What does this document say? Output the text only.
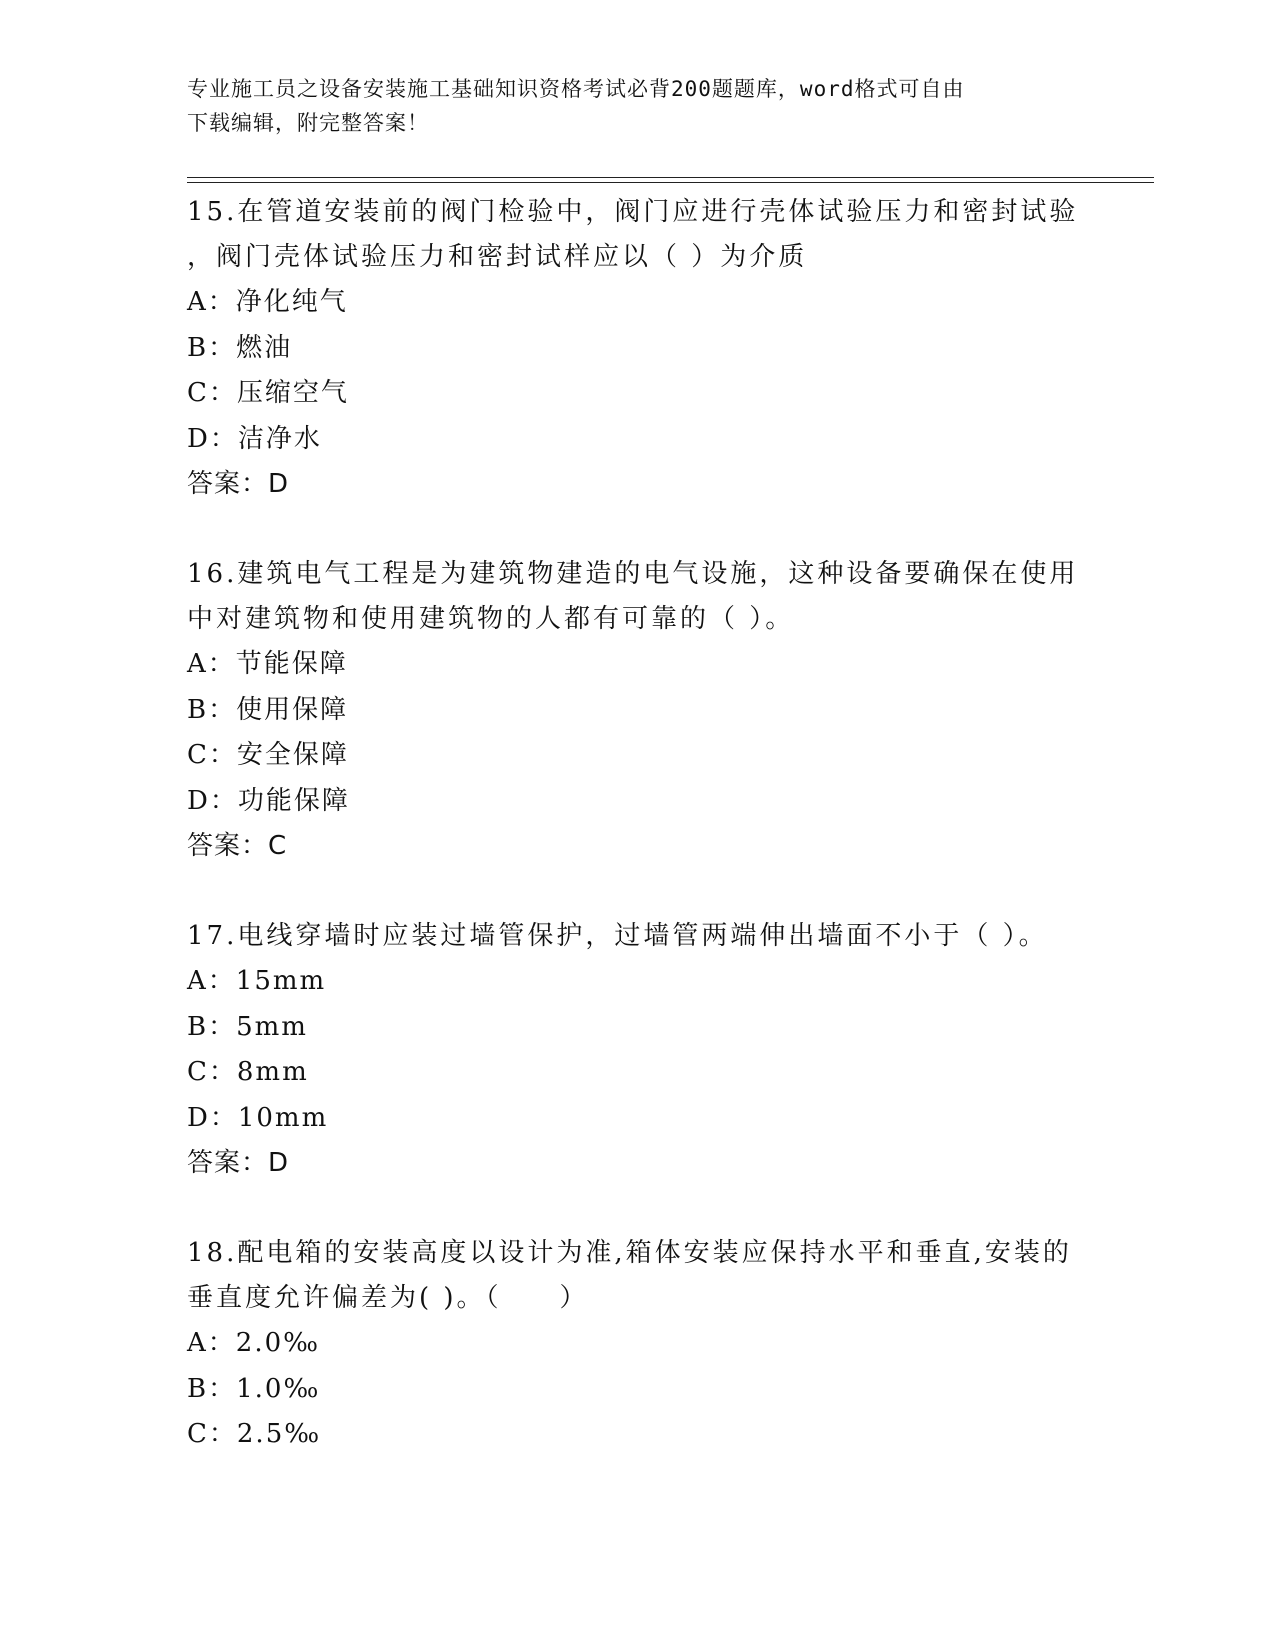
专业施工员之设备安装施工基础知识资格考试必背200题题库，word格式可自由
下载编辑，附完整答案！
15.在管道安装前的阀门检验中，阀门应进行壳体试验压力和密封试验
，阀门壳体试验压力和密封试样应以（ ）为介质
A：净化纯气
B：燃油
C：压缩空气
D：洁净水
答案：D
16.建筑电气工程是为建筑物建造的电气设施，这种设备要确保在使用
中对建筑物和使用建筑物的人都有可靠的（ ）。
A：节能保障
B：使用保障
C：安全保障
D：功能保障
答案：C
17.电线穿墙时应装过墙管保护，过墙管两端伸出墙面不小于（ ）。
A：15mm
B：5mm
C：8mm
D：10mm
答案：D
18.配电箱的安装高度以设计为准,箱体安装应保持水平和垂直,安装的
垂直度允许偏差为( )。（　　）
A：2.0‰
B：1.0‰
C：2.5‰
